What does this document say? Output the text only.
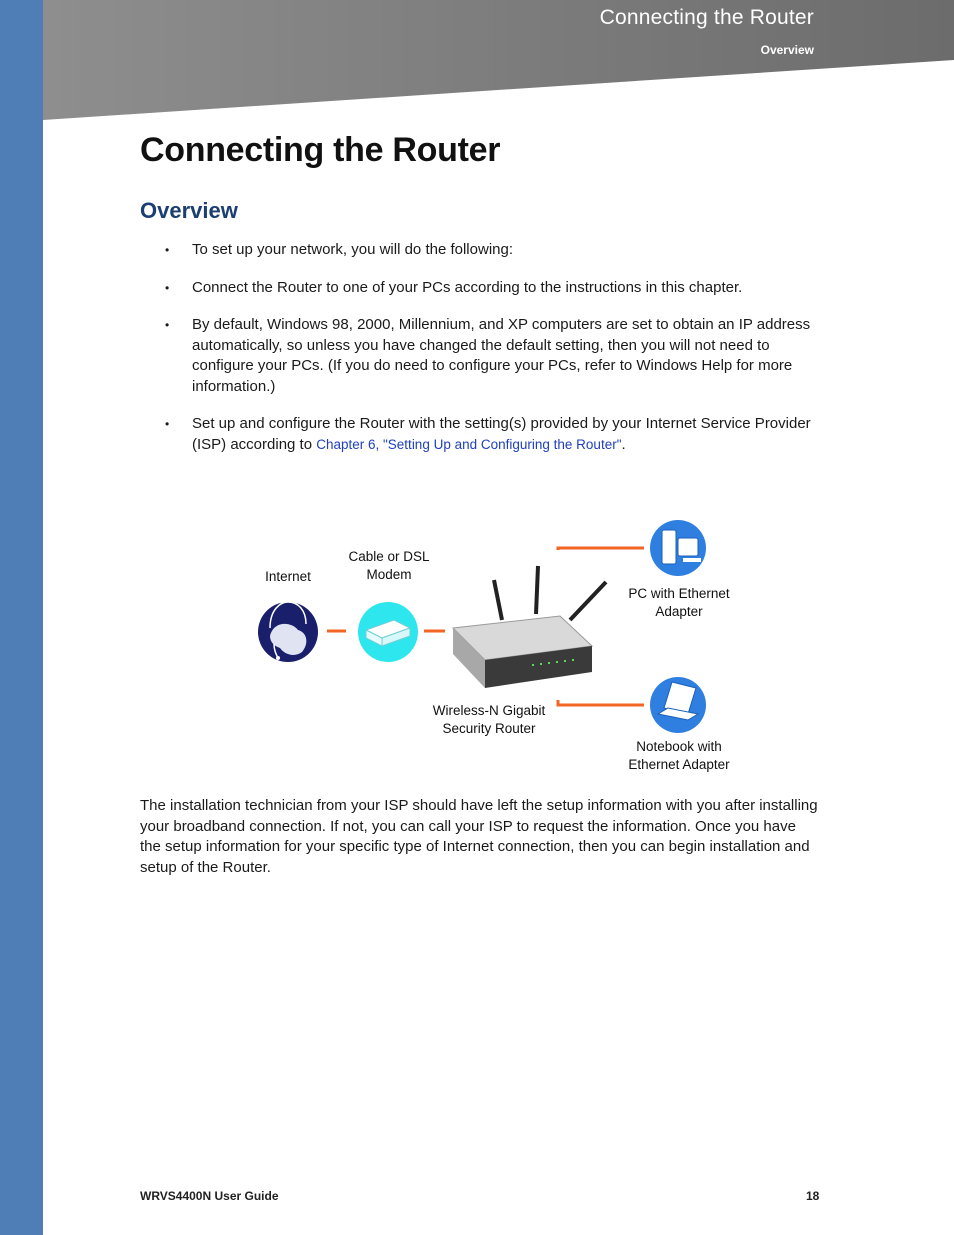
Connecting the Router
Overview
Connecting the Router
Overview
• To set up your network, you will do the following:
• Connect the Router to one of your PCs according to the instructions in this chapter.
• By default, Windows 98, 2000, Millennium, and XP computers are set to obtain an IP address automatically, so unless you have changed the default setting, then you will not need to configure your PCs. (If you do need to configure your PCs, refer to Windows Help for more information.)
• Set up and configure the Router with the setting(s) provided by your Internet Service Provider (ISP) according to Chapter 6, "Setting Up and Configuring the Router".
Internet
Cable or DSL
Modem
PC with Ethernet
Adapter
Wireless-N Gigabit
Security Router
Notebook with
Ethernet Adapter

The installation technician from your ISP should have left the setup information with you after installing your broadband connection. If not, you can call your ISP to request the information. Once you have the setup information for your specific type of Internet connection, then you can begin installation and setup of the Router.

WRVS4400N User Guide	18
